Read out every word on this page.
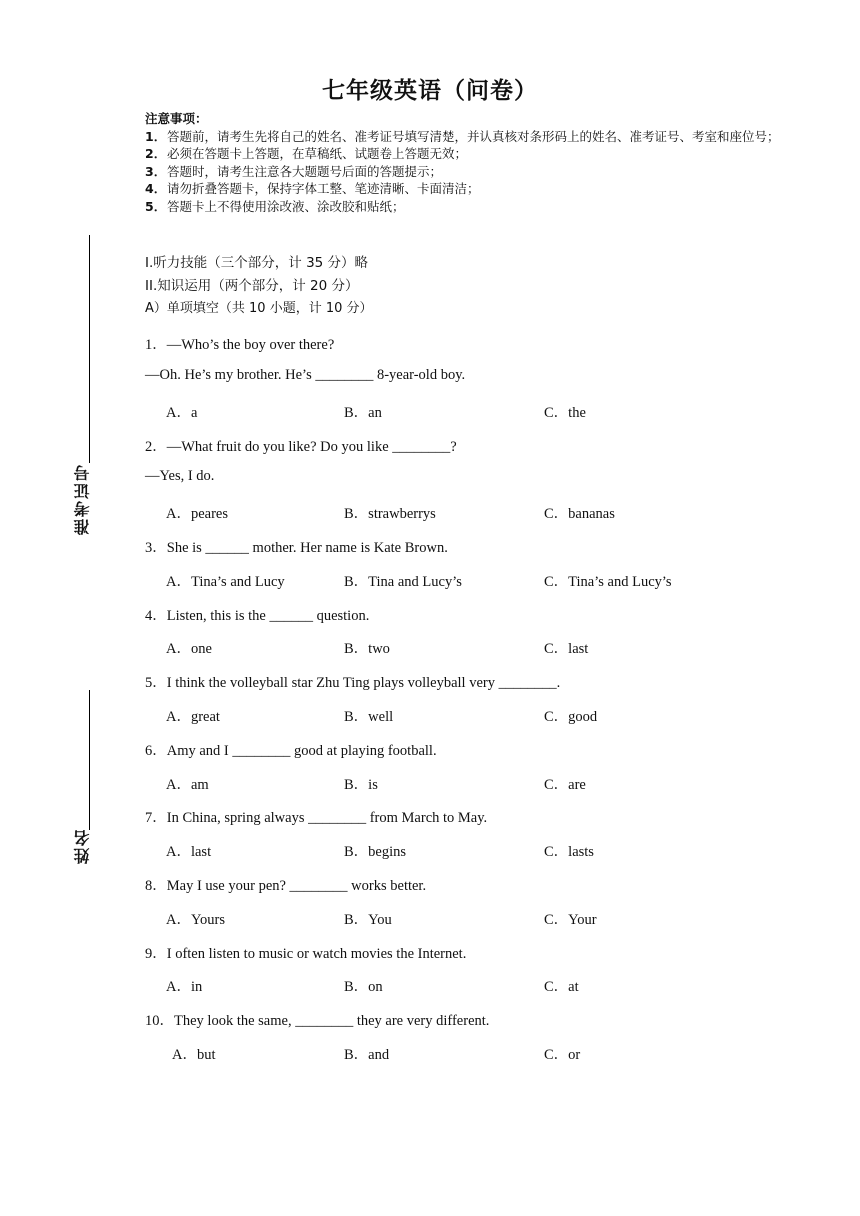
七年级英语（问卷）
注意事项：
1． 答题前，请考生先将自己的姓名、准考证号填写清楚，并认真核对条形码上的姓名、准考证号、考室和座位号；
2． 必须在答题卡上答题，在草稿纸、试题卷上答题无效；
3． 答题时，请考生注意各大题题号后面的答题提示；
4． 请勿折叠答题卡，保持字体工整、笔迹清晰、卡面清洁；
5． 答题卡上不得使用涂改液、涂改胶和贴纸；
准考证号
姓名
I.听力技能（三个部分，计 35 分）略
II.知识运用（两个部分，计 20 分）
A）单项填空（共 10 小题，计 10 分）
1．—Who’s the boy over there?
—Oh. He’s my brother. He’s ________ 8-year-old boy.
A．a	B．an	C．the
2．—What fruit do you like? Do you like ________?
—Yes, I do.
A．peares	B．strawberrys	C．bananas
3．She is ______ mother. Her name is Kate Brown.
A．Tina’s and Lucy	B．Tina and Lucy’s	C．Tina’s and Lucy’s
4．Listen, this is the ______ question.
A．one	B．two	C．last
5．I think the volleyball star Zhu Ting plays volleyball very ________.
A．great	B．well	C．good
6．Amy and I ________ good at playing football.
A．am	B．is	C．are
7．In China, spring always ________ from March to May.
A．last	B．begins	C．lasts
8．May I use your pen? ________ works better.
A．Yours	B．You	C．Your
9．I often listen to music or watch movies the Internet.
A．in	B．on	C．at
10．They look the same, ________ they are very different.
A．but	B．and	C．or
